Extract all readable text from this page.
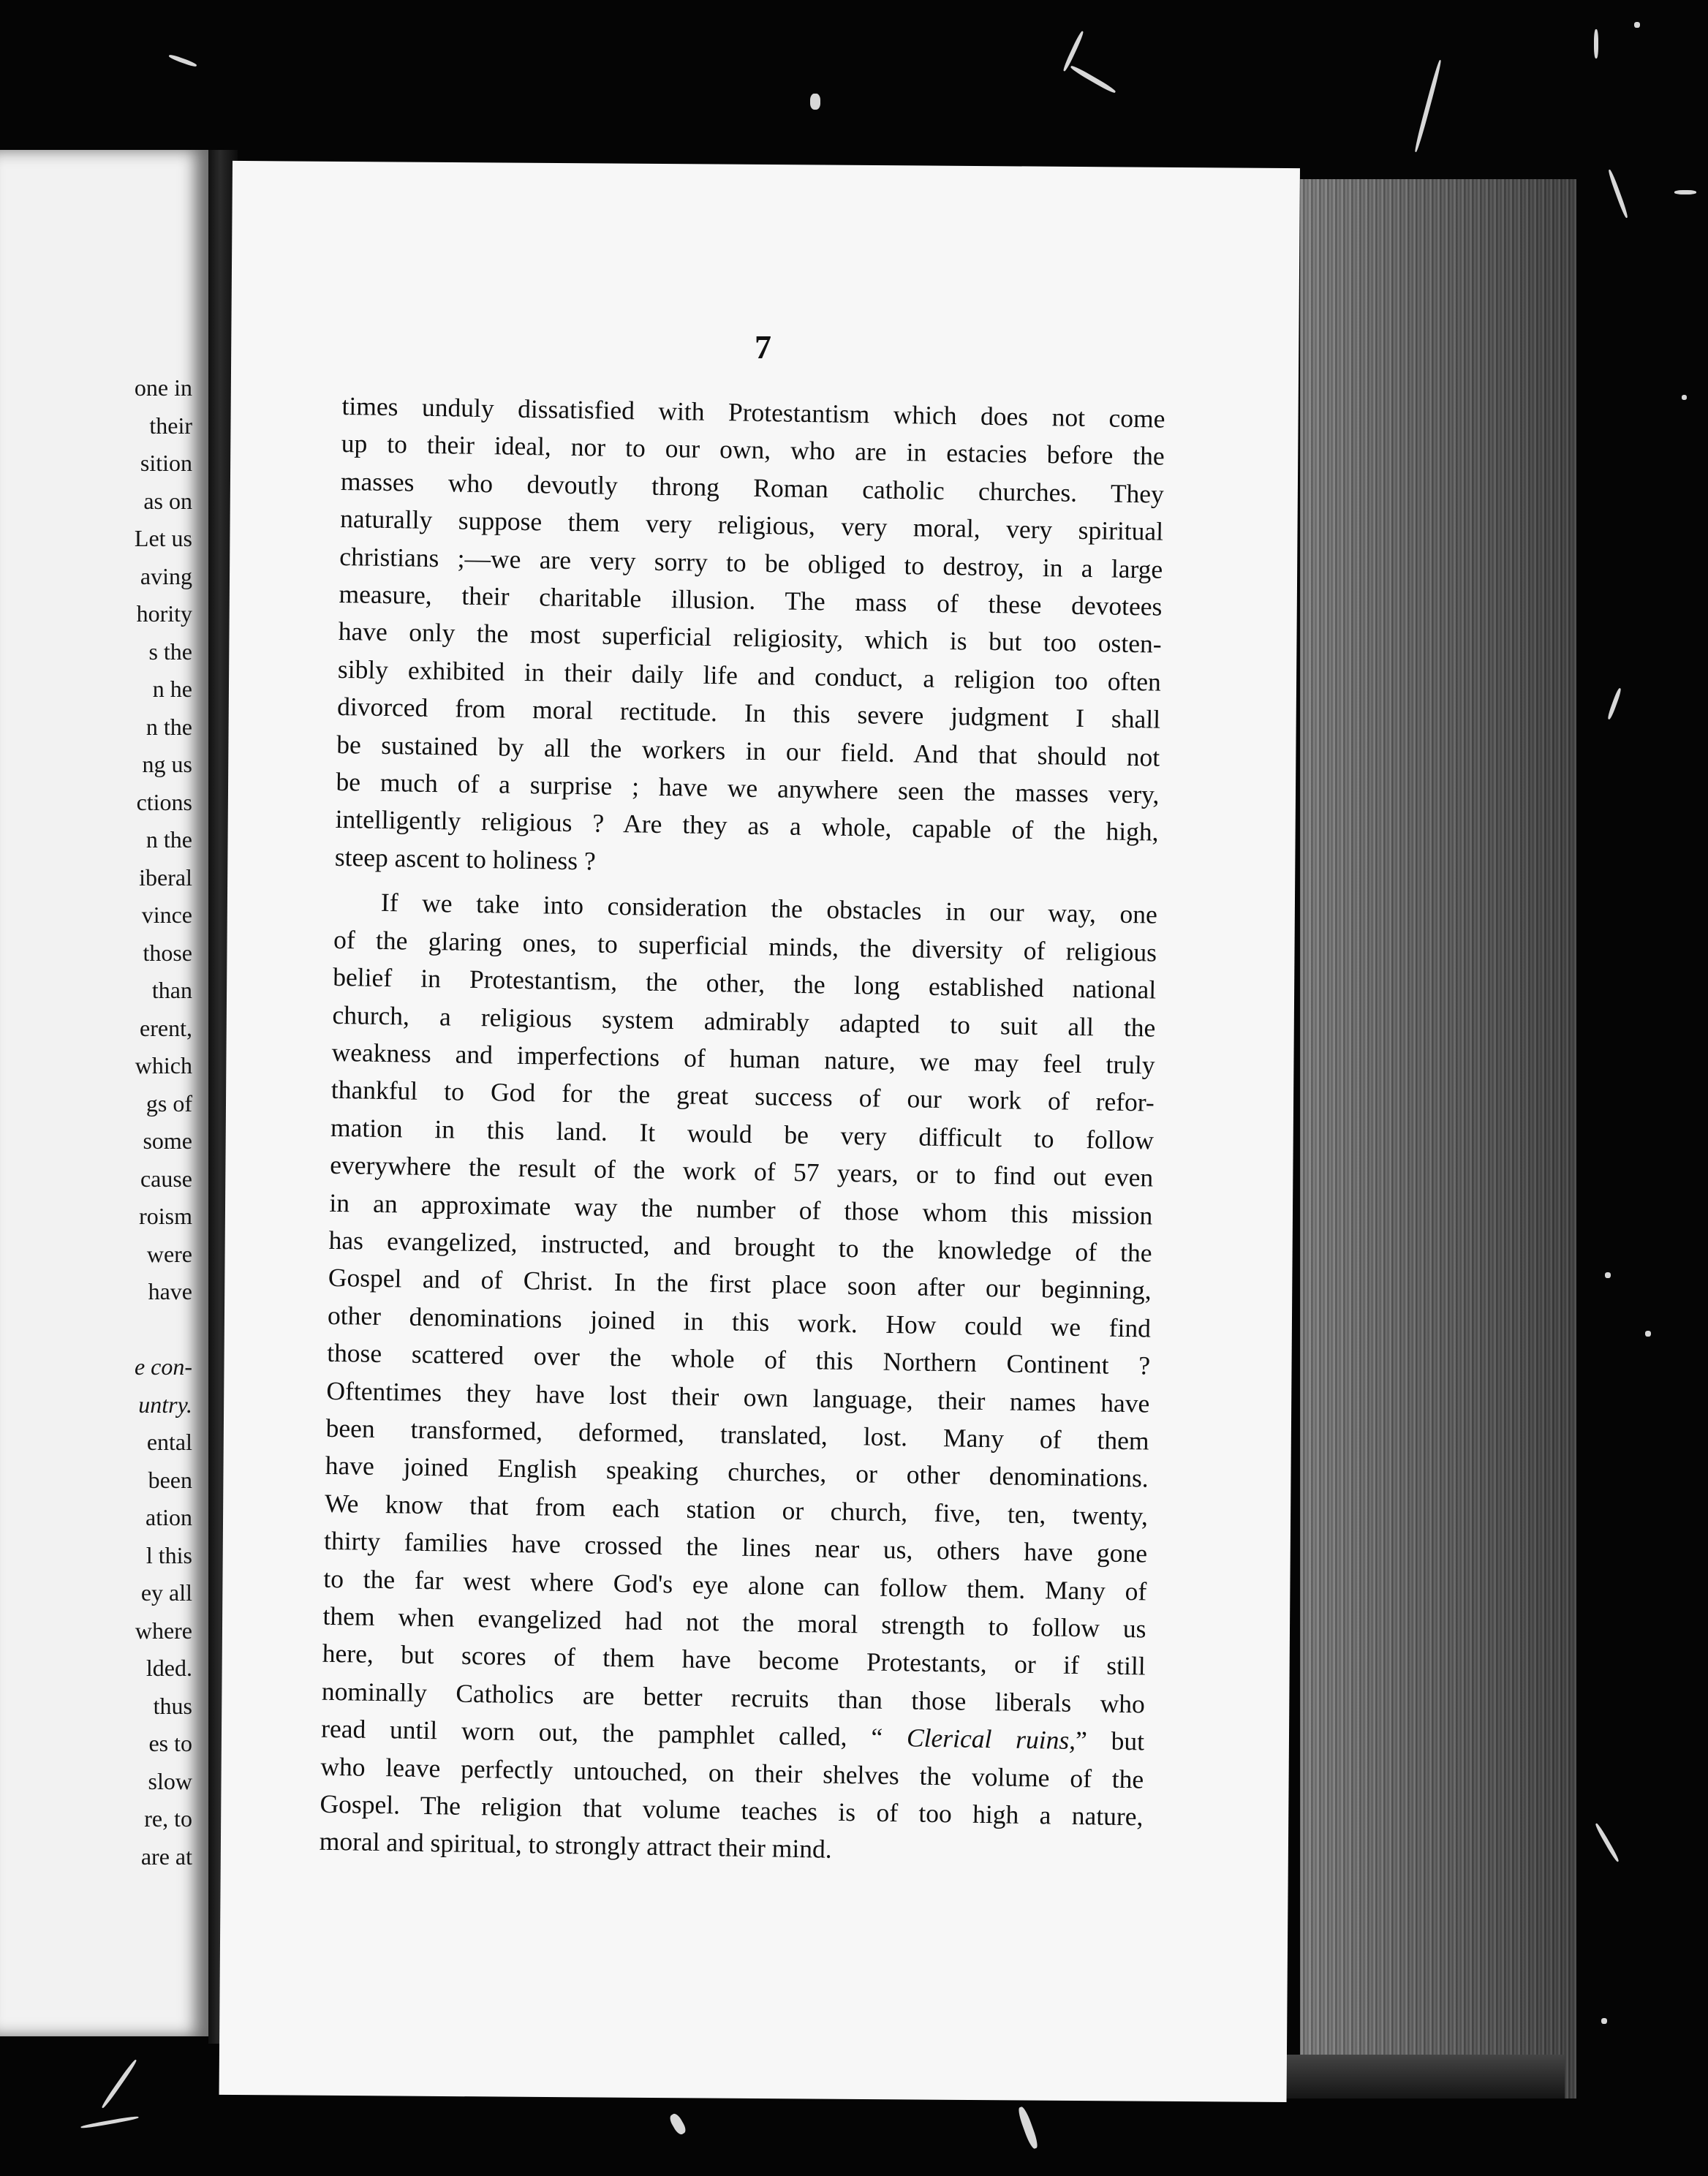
one in
their
sition
as on
Let us
aving
hority
s the
n he
n the
ng us
ctions
n the
iberal
vince
those
than
erent,
which
gs of
some
cause
roism
were
have

e con-
untry.
ental
been
ation
l this
ey all
where
lded.
thus
es to
slow
re, to
are at
7
times unduly dissatisfied with Protestantism which does not come
up to their ideal, nor to our own, who are in estacies before the
masses who devoutly throng Roman catholic churches. They
naturally suppose them very religious, very moral, very spiritual
christians ;—we are very sorry to be obliged to destroy, in a large
measure, their charitable illusion. The mass of these devotees
have only the most superficial religiosity, which is but too osten-
sibly exhibited in their daily life and conduct, a religion too often
divorced from moral rectitude. In this severe judgment I shall
be sustained by all the workers in our field. And that should not
be much of a surprise ; have we anywhere seen the masses very,
intelligently religious ? Are they as a whole, capable of the high,
steep ascent to holiness ?
If we take into consideration the obstacles in our way, one
of the glaring ones, to superficial minds, the diversity of religious
belief in Protestantism, the other, the long established national
church, a religious system admirably adapted to suit all the
weakness and imperfections of human nature, we may feel truly
thankful to God for the great success of our work of refor-
mation in this land. It would be very difficult to follow
everywhere the result of the work of 57 years, or to find out even
in an approximate way the number of those whom this mission
has evangelized, instructed, and brought to the knowledge of the
Gospel and of Christ. In the first place soon after our beginning,
other denominations joined in this work. How could we find
those scattered over the whole of this Northern Continent ?
Oftentimes they have lost their own language, their names have
been transformed, deformed, translated, lost. Many of them
have joined English speaking churches, or other denominations.
We know that from each station or church, five, ten, twenty,
thirty families have crossed the lines near us, others have gone
to the far west where God's eye alone can follow them. Many of
them when evangelized had not the moral strength to follow us
here, but scores of them have become Protestants, or if still
nominally Catholics are better recruits than those liberals who
read until worn out, the pamphlet called, “ Clerical ruins,” but
who leave perfectly untouched, on their shelves the volume of the
Gospel. The religion that volume teaches is of too high a nature,
moral and spiritual, to strongly attract their mind.
